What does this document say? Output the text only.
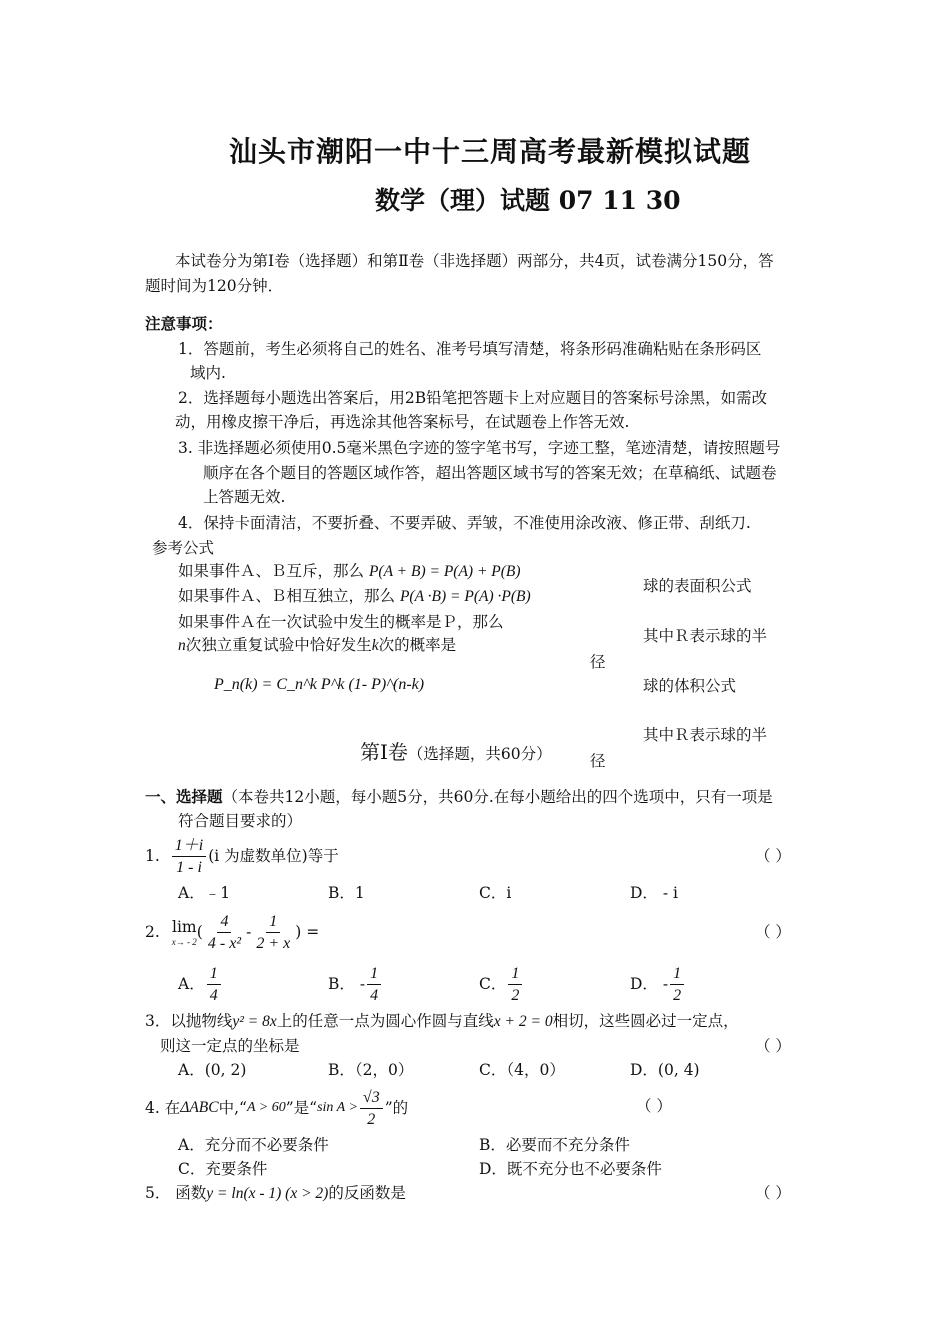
汕头市潮阳一中十三周高考最新模拟试题
数学（理）试题 07 11 30
本试卷分为第Ⅰ卷（选择题）和第Ⅱ卷（非选择题）两部分，共4页，试卷满分150分，答
题时间为120分钟．
注意事项：
1．答题前，考生必须将自己的姓名、准考号填写清楚，将条形码准确粘贴在条形码区
域内.
2．选择题每小题选出答案后，用2B铅笔把答题卡上对应题目的答案标号涂黑，如需改
动，用橡皮擦干净后，再选涂其他答案标号，在试题卷上作答无效.
3. 非选择题必须使用0.5毫米黑色字迹的签字笔书写，字迹工整，笔迹清楚，请按照题号
顺序在各个题目的答题区域作答，超出答题区域书写的答案无效；在草稿纸、试题卷
上答题无效.
4．保持卡面清洁，不要折叠、不要弄破、弄皱，不准使用涂改液、修正带、刮纸刀.
参考公式
如果事件Ａ、Ｂ互斥，那么 P(A + B) = P(A) + P(B)
如果事件Ａ、Ｂ相互独立，那么 P(A ·B) = P(A) ·P(B)
如果事件Ａ在一次试验中发生的概率是Ｐ，那么
n次独立重复试验中恰好发生k次的概率是
P_n(k) = C_n^k P^k (1- P)^(n-k)
球的表面积公式
其中Ｒ表示球的半
径
球的体积公式
其中Ｒ表示球的半
径
第Ⅰ卷（选择题，共60分）
一、选择题（本卷共12小题，每小题5分，共60分.在每小题给出的四个选项中，只有一项是
符合题目要求的）
1. $\frac{1+i}{1 - i} (i$ 为虚数单位)等于	（ ）
A．﹣1	B．1	C．i	D． - i
2. lim
x→ - 2
( $\frac{4}{\text{4 - x²}} - \frac{1}{2 + x}$ ) =	（ ）
A． $\frac{1}{4}$	B． - $\frac{1}{4}$	C． $\frac{1}{2}$	D． - $\frac{1}{2}$
3．以抛物线y² = 8x上的任意一点为圆心作圆与直线x + 2 = 0相切，这些圆必过一定点，
则这一定点的坐标是	（ ）
A．(0, 2)	B．（2，0）	C．（4，0）	D．(0, 4)
4. 在 ΔABC 中,“ A > 60 ”是“ $\sin A > \frac{√3}{2}$ ”的	（ ）
A．充分而不必要条件	B．必要而不充分条件
C．充要条件	D．既不充分也不必要条件
5． 函数y = ln(x - 1) (x > 2)的反函数是	（ ）
